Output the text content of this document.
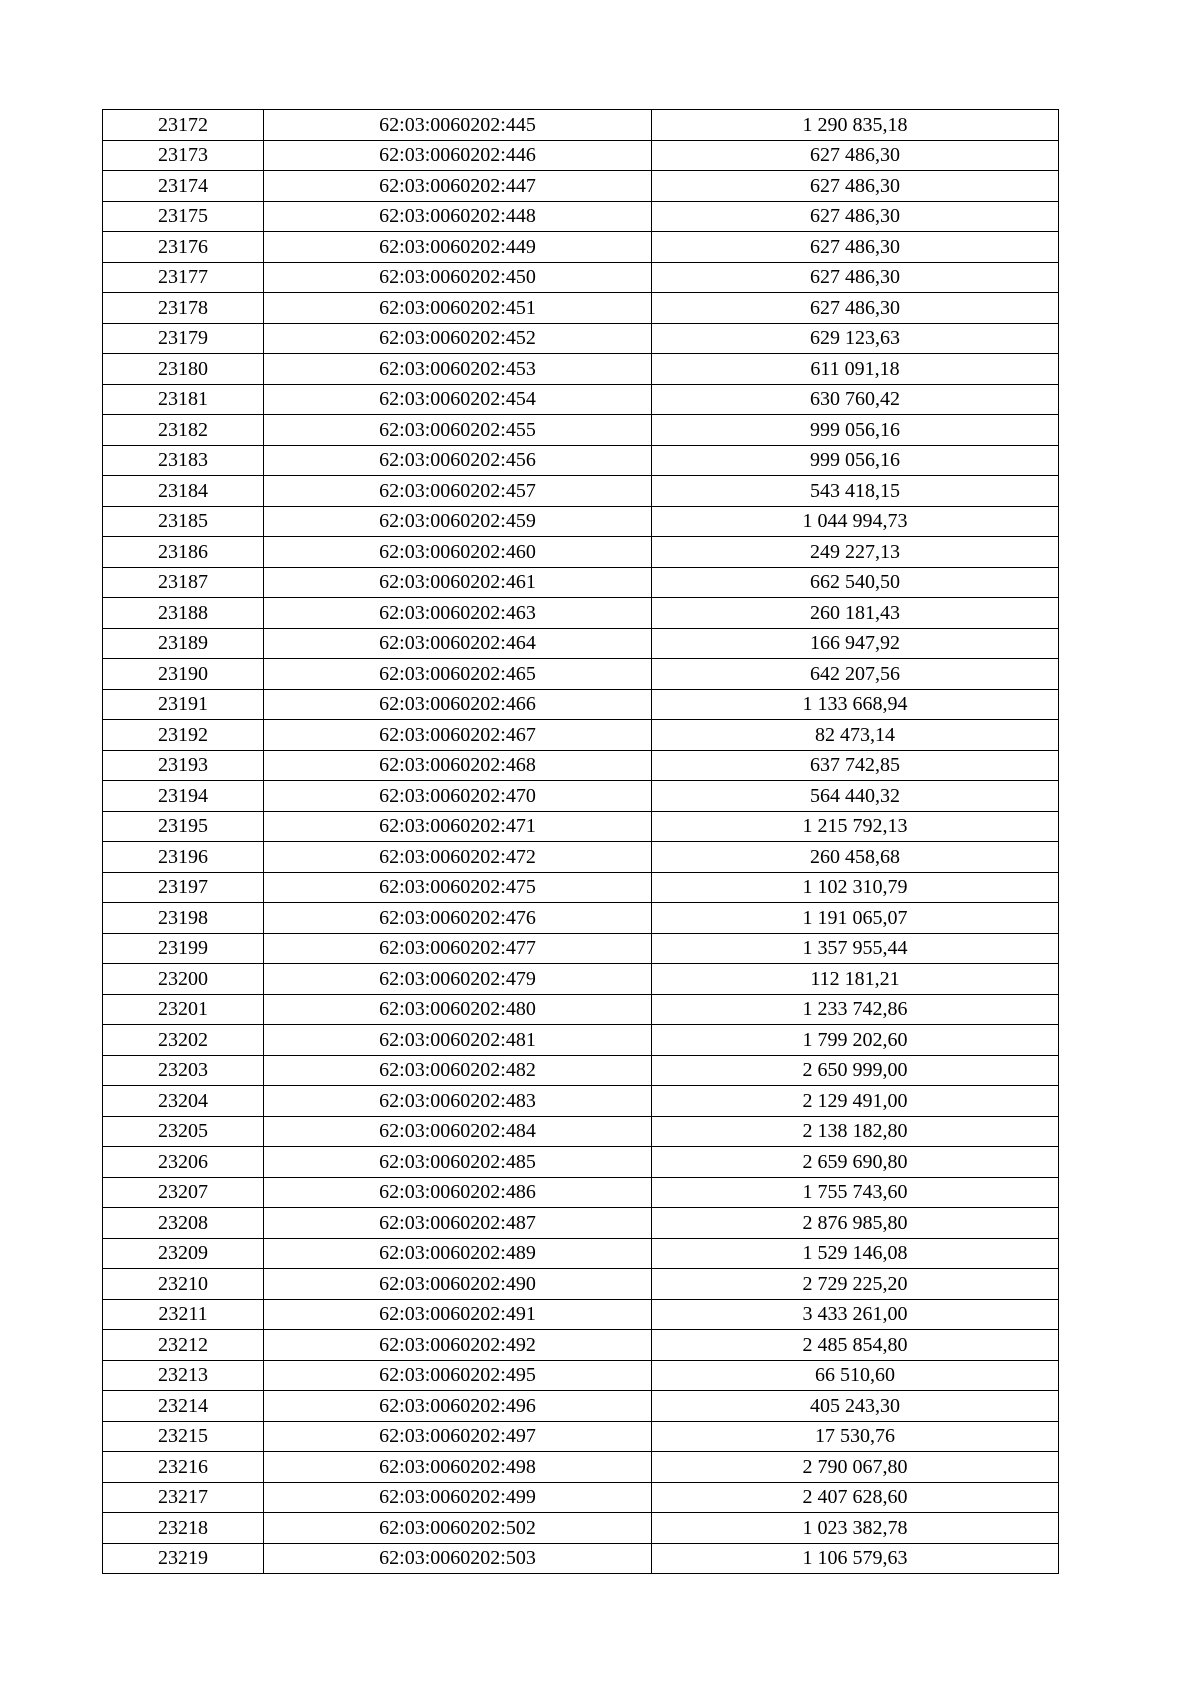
23172	62:03:0060202:445	1 290 835,18
23173	62:03:0060202:446	627 486,30
23174	62:03:0060202:447	627 486,30
23175	62:03:0060202:448	627 486,30
23176	62:03:0060202:449	627 486,30
23177	62:03:0060202:450	627 486,30
23178	62:03:0060202:451	627 486,30
23179	62:03:0060202:452	629 123,63
23180	62:03:0060202:453	611 091,18
23181	62:03:0060202:454	630 760,42
23182	62:03:0060202:455	999 056,16
23183	62:03:0060202:456	999 056,16
23184	62:03:0060202:457	543 418,15
23185	62:03:0060202:459	1 044 994,73
23186	62:03:0060202:460	249 227,13
23187	62:03:0060202:461	662 540,50
23188	62:03:0060202:463	260 181,43
23189	62:03:0060202:464	166 947,92
23190	62:03:0060202:465	642 207,56
23191	62:03:0060202:466	1 133 668,94
23192	62:03:0060202:467	82 473,14
23193	62:03:0060202:468	637 742,85
23194	62:03:0060202:470	564 440,32
23195	62:03:0060202:471	1 215 792,13
23196	62:03:0060202:472	260 458,68
23197	62:03:0060202:475	1 102 310,79
23198	62:03:0060202:476	1 191 065,07
23199	62:03:0060202:477	1 357 955,44
23200	62:03:0060202:479	112 181,21
23201	62:03:0060202:480	1 233 742,86
23202	62:03:0060202:481	1 799 202,60
23203	62:03:0060202:482	2 650 999,00
23204	62:03:0060202:483	2 129 491,00
23205	62:03:0060202:484	2 138 182,80
23206	62:03:0060202:485	2 659 690,80
23207	62:03:0060202:486	1 755 743,60
23208	62:03:0060202:487	2 876 985,80
23209	62:03:0060202:489	1 529 146,08
23210	62:03:0060202:490	2 729 225,20
23211	62:03:0060202:491	3 433 261,00
23212	62:03:0060202:492	2 485 854,80
23213	62:03:0060202:495	66 510,60
23214	62:03:0060202:496	405 243,30
23215	62:03:0060202:497	17 530,76
23216	62:03:0060202:498	2 790 067,80
23217	62:03:0060202:499	2 407 628,60
23218	62:03:0060202:502	1 023 382,78
23219	62:03:0060202:503	1 106 579,63
